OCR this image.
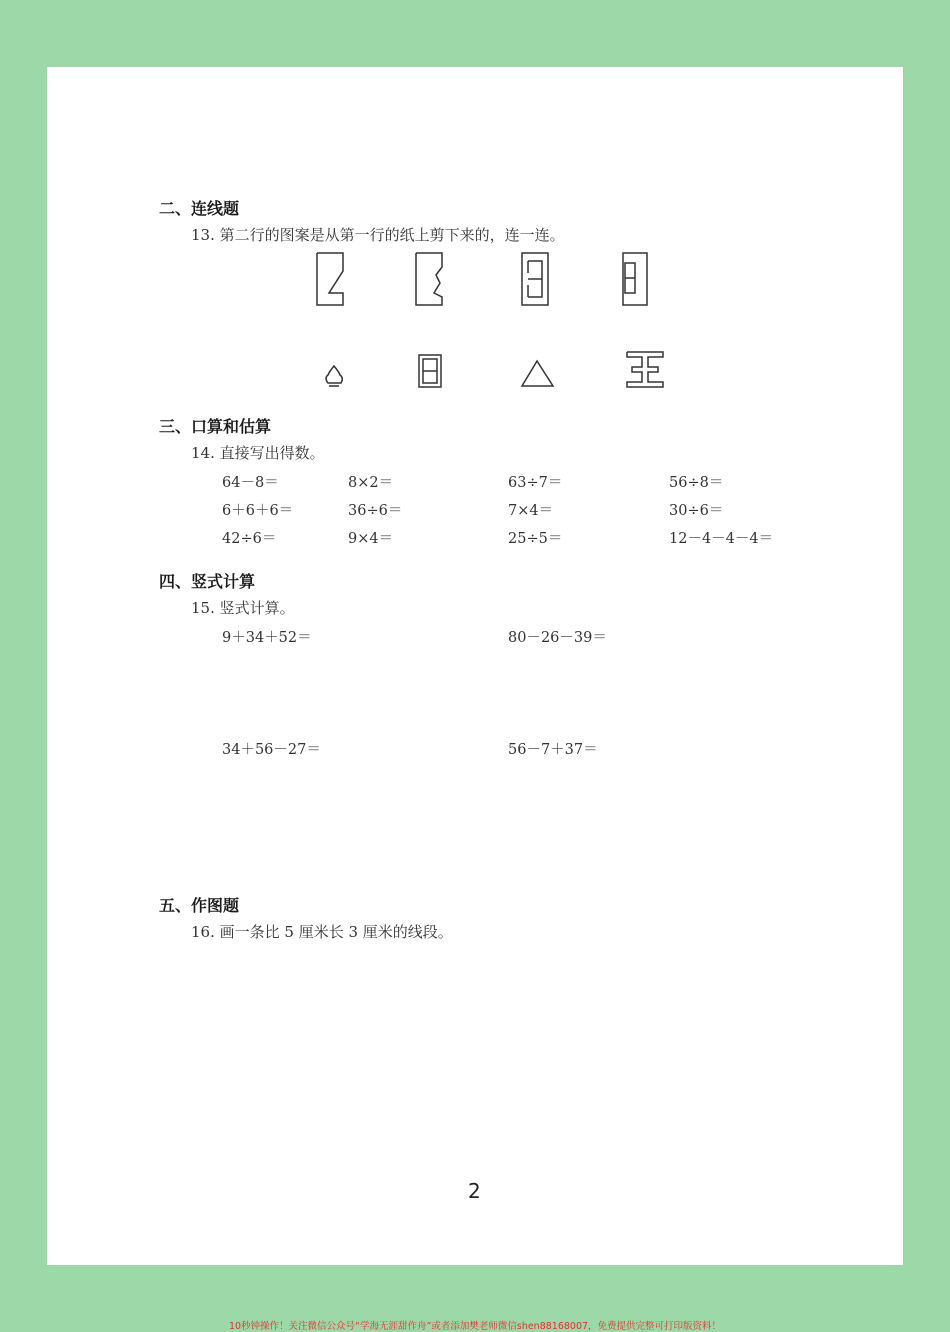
二、连线题
13. 第二行的图案是从第一行的纸上剪下来的，连一连。
三、口算和估算
14. 直接写出得数。
64－8＝	8×2＝	63÷7＝	56÷8＝
6＋6＋6＝	36÷6＝	7×4＝	30÷6＝
42÷6＝	9×4＝	25÷5＝	12－4－4－4＝
四、竖式计算
15. 竖式计算。
9＋34＋52＝	80－26－39＝
34＋56－27＝	56－7＋37＝
五、作图题
16. 画一条比 5 厘米长 3 厘米的线段。
2
10秒钟操作！关注微信公众号“学海无涯甜作舟”或者添加樊老师微信shen88168007，免费提供完整可打印版资料！
